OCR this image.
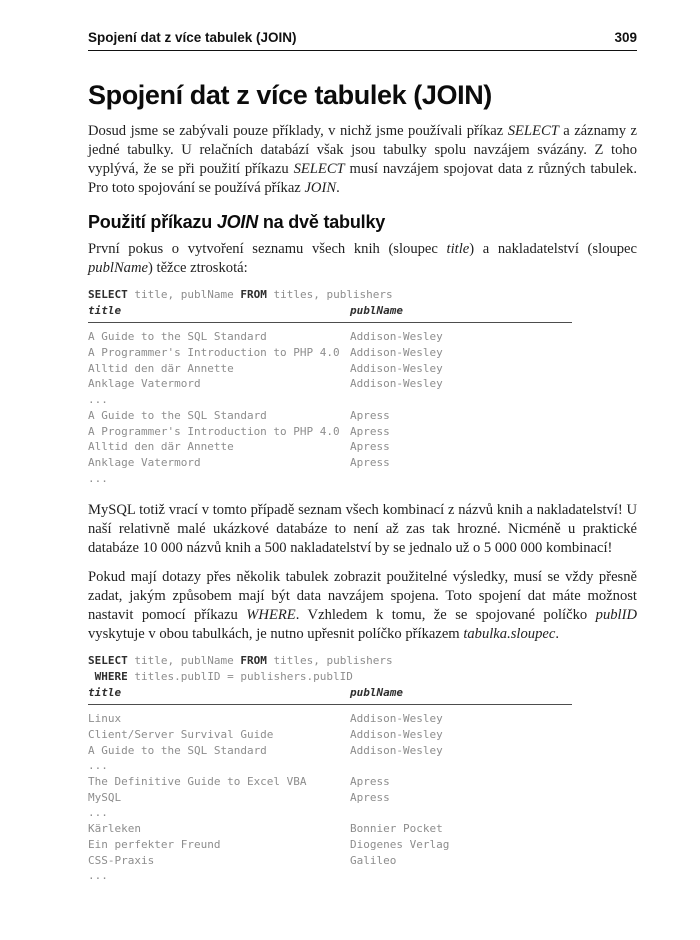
Spojení dat z více tabulek (JOIN)	309
Spojení dat z více tabulek (JOIN)

Dosud jsme se zabývali pouze příklady, v nichž jsme používali příkaz SELECT a záznamy z jedné tabulky. U relačních databází však jsou tabulky spolu navzájem svázány. Z toho vyplývá, že se při použití příkazu SELECT musí navzájem spojovat data z různých tabulek. Pro toto spojování se používá příkaz JOIN.

Použití příkazu JOIN na dvě tabulky

První pokus o vytvoření seznamu všech knih (sloupec title) a nakladatelství (sloupec publName) těžce ztroskotá:

SELECT title, publName FROM titles, publishers
title	publName
A Guide to the SQL Standard	Addison-Wesley
A Programmer's Introduction to PHP 4.0 Addison-Wesley
Alltid den där Annette	Addison-Wesley
Anklage Vatermord	Addison-Wesley
...
A Guide to the SQL Standard	Apress
A Programmer's Introduction to PHP 4.0 Apress
Alltid den där Annette	Apress
Anklage Vatermord	Apress
...

MySQL totiž vrací v tomto případě seznam všech kombinací z názvů knih a nakladatelství! U naší relativně malé ukázkové databáze to není až zas tak hrozné. Nicméně u praktické databáze 10 000 názvů knih a 500 nakladatelství by se jednalo už o 5 000 000 kombinací!

Pokud mají dotazy přes několik tabulek zobrazit použitelné výsledky, musí se vždy přesně zadat, jakým způsobem mají být data navzájem spojena. Toto spojení dat máte možnost nastavit pomocí příkazu WHERE. Vzhledem k tomu, že se spojované políčko publID vyskytuje v obou tabulkách, je nutno upřesnit políčko příkazem tabulka.sloupec.

SELECT title, publName FROM titles, publishers
WHERE titles.publID = publishers.publID
title	publName
Linux	Addison-Wesley
Client/Server Survival Guide	Addison-Wesley
A Guide to the SQL Standard	Addison-Wesley
...
The Definitive Guide to Excel VBA	Apress
MySQL	Apress
...
Kärleken	Bonnier Pocket
Ein perfekter Freund	Diogenes Verlag
CSS-Praxis	Galileo
...
